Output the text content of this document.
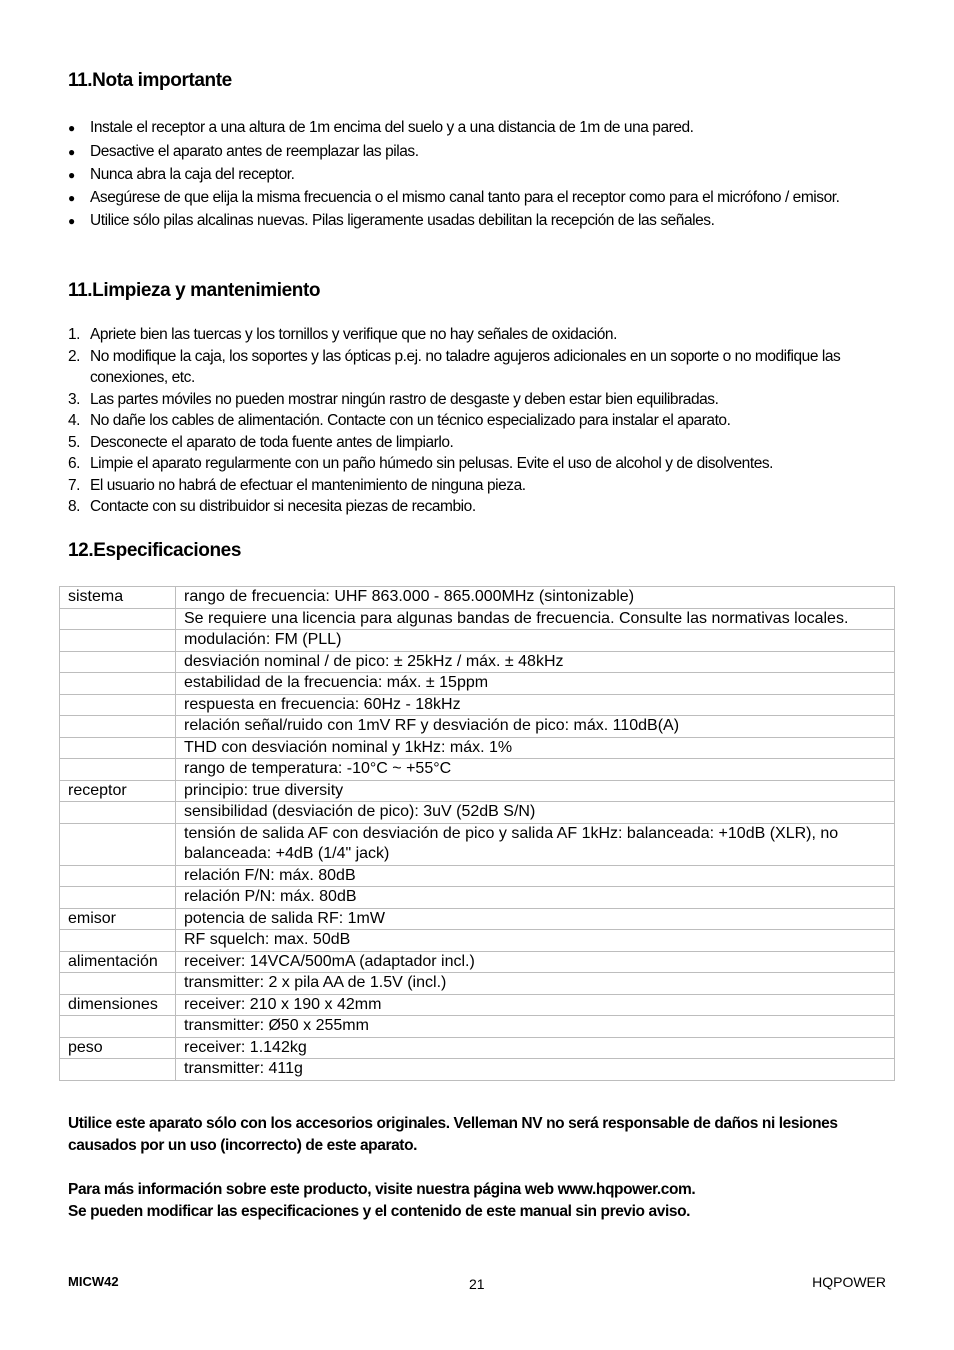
11.Nota importante
● Instale el receptor a una altura de 1m encima del suelo y a una distancia de 1m de una pared.
● Desactive el aparato antes de reemplazar las pilas.
● Nunca abra la caja del receptor.
● Asegúrese de que elija la misma frecuencia o el mismo canal tanto para el receptor como para el micrófono / emisor.
● Utilice sólo pilas alcalinas nuevas. Pilas ligeramente usadas debilitan la recepción de las señales.
11.Limpieza y mantenimiento
1. Apriete bien las tuercas y los tornillos y verifique que no hay señales de oxidación.
2. No modifique la caja, los soportes y las ópticas p.ej. no taladre agujeros adicionales en un soporte o no modifique las conexiones, etc.
3. Las partes móviles no pueden mostrar ningún rastro de desgaste y deben estar bien equilibradas.
4. No dañe los cables de alimentación. Contacte con un técnico especializado para instalar el aparato.
5. Desconecte el aparato de toda fuente antes de limpiarlo.
6. Limpie el aparato regularmente con un paño húmedo sin pelusas. Evite el uso de alcohol y de disolventes.
7. El usuario no habrá de efectuar el mantenimiento de ninguna pieza.
8. Contacte con su distribuidor si necesita piezas de recambio.
12.Especificaciones
sistema	rango de frecuencia: UHF 863.000 - 865.000MHz (sintonizable)
	Se requiere una licencia para algunas bandas de frecuencia. Consulte las normativas locales.
	modulación: FM (PLL)
	desviación nominal / de pico: ± 25kHz / máx. ± 48kHz
	estabilidad de la frecuencia: máx. ± 15ppm
	respuesta en frecuencia: 60Hz - 18kHz
	relación señal/ruido con 1mV RF y desviación de pico: máx. 110dB(A)
	THD con desviación nominal y 1kHz: máx. 1%
	rango de temperatura: -10°C ~ +55°C
receptor	principio: true diversity
	sensibilidad (desviación de pico): 3uV (52dB S/N)
	tensión de salida AF con desviación de pico y salida AF 1kHz: balanceada: +10dB (XLR), no balanceada: +4dB (1/4" jack)
	relación F/N: máx. 80dB
	relación P/N: máx. 80dB
emisor	potencia de salida RF: 1mW
	RF squelch: max. 50dB
alimentación	receiver: 14VCA/500mA (adaptador incl.)
	transmitter: 2 x pila AA de 1.5V (incl.)
dimensiones	receiver: 210 x 190 x 42mm
	transmitter: Ø50 x 255mm
peso	receiver: 1.142kg
	transmitter: 411g
Utilice este aparato sólo con los accesorios originales. Velleman NV no será responsable de daños ni lesiones causados por un uso (incorrecto) de este aparato.
Para más información sobre este producto, visite nuestra página web www.hqpower.com.
Se pueden modificar las especificaciones y el contenido de este manual sin previo aviso.
MICW42	21	HQPOWER
